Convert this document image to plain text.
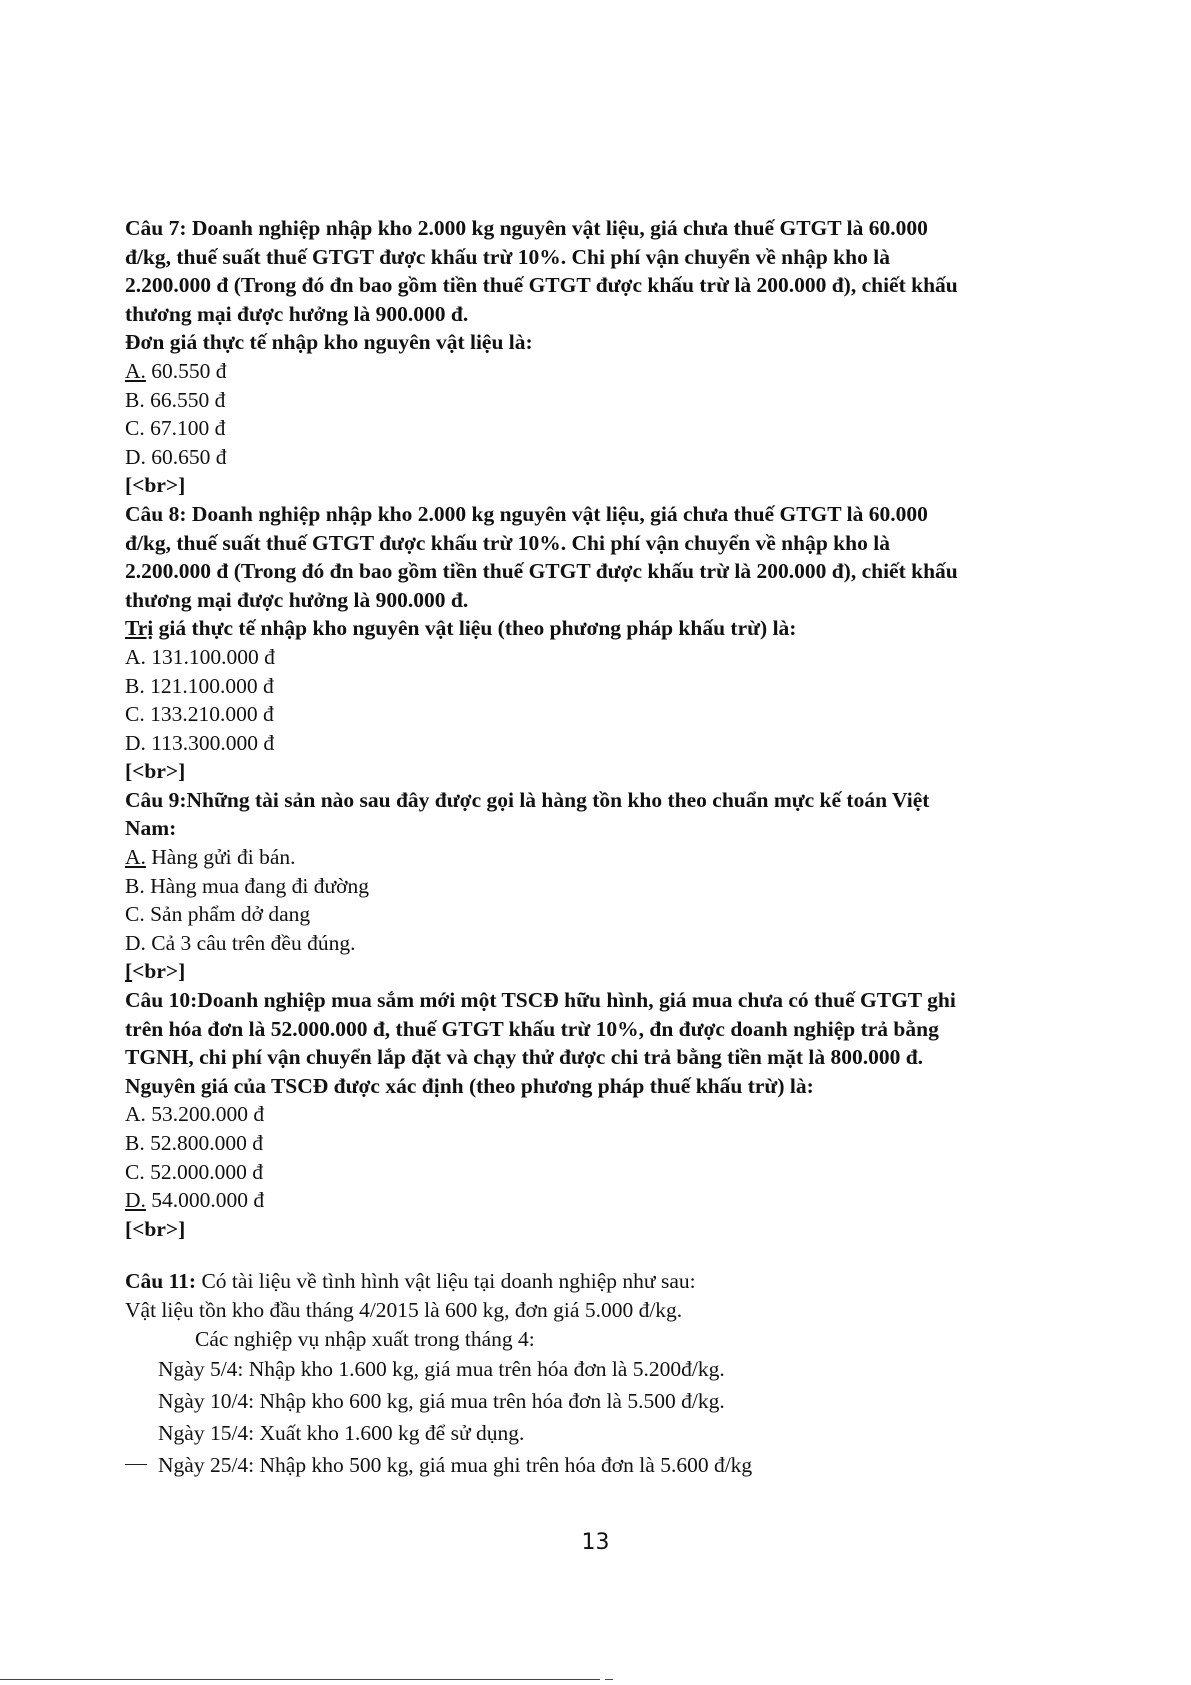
Câu 7: Doanh nghiệp nhập kho 2.000 kg nguyên vật liệu, giá chưa thuế GTGT là 60.000

đ/kg, thuế suất thuế GTGT được khấu trừ 10%. Chi phí vận chuyển về nhập kho là

2.200.000 đ (Trong đó đn bao gồm tiền thuế GTGT được khấu trừ là 200.000 đ), chiết khấu

thương mại được hưởng là 900.000 đ.

Đơn giá thực tế nhập kho nguyên vật liệu là:

A. 60.550 đ

B. 66.550 đ

C. 67.100 đ

D. 60.650 đ

[<br>]

Câu 8: Doanh nghiệp nhập kho 2.000 kg nguyên vật liệu, giá chưa thuế GTGT là 60.000

đ/kg, thuế suất thuế GTGT được khấu trừ 10%. Chi phí vận chuyển về nhập kho là

2.200.000 đ (Trong đó đn bao gồm tiền thuế GTGT được khấu trừ là 200.000 đ), chiết khấu

thương mại được hưởng là 900.000 đ.

Trị giá thực tế nhập kho nguyên vật liệu (theo phương pháp khấu trừ) là:

A. 131.100.000 đ

B. 121.100.000 đ

C. 133.210.000 đ

D. 113.300.000 đ

[<br>]

Câu 9:Những tài sản nào sau đây được gọi là hàng tồn kho theo chuẩn mực kế toán Việt

Nam:

A. Hàng gửi đi bán.

B. Hàng mua đang đi đường

C. Sản phẩm dở dang

D. Cả 3 câu trên đều đúng.

[<br>]

Câu 10:Doanh nghiệp mua sắm mới một TSCĐ hữu hình, giá mua chưa có thuế GTGT ghi

trên hóa đơn là 52.000.000 đ, thuế GTGT khấu trừ 10%, đn được doanh nghiệp trả bằng

TGNH, chi phí vận chuyển lắp đặt và chạy thử được chi trả bằng tiền mặt là 800.000 đ.

Nguyên giá của TSCĐ được xác định (theo phương pháp thuế khấu trừ) là:

A. 53.200.000 đ

B. 52.800.000 đ

C. 52.000.000 đ

D. 54.000.000 đ

[<br>]

Câu 11: Có tài liệu về tình hình vật liệu tại doanh nghiệp như sau:

Vật liệu tồn kho đầu tháng 4/2015 là 600 kg, đơn giá 5.000 đ/kg.

Các nghiệp vụ nhập xuất trong tháng 4:

Ngày 5/4: Nhập kho 1.600 kg, giá mua trên hóa đơn là 5.200đ/kg.

Ngày 10/4: Nhập kho 600 kg, giá mua trên hóa đơn là 5.500 đ/kg.

Ngày 15/4: Xuất kho 1.600 kg để sử dụng.

Ngày 25/4: Nhập kho 500 kg, giá mua ghi trên hóa đơn là 5.600 đ/kg

13
